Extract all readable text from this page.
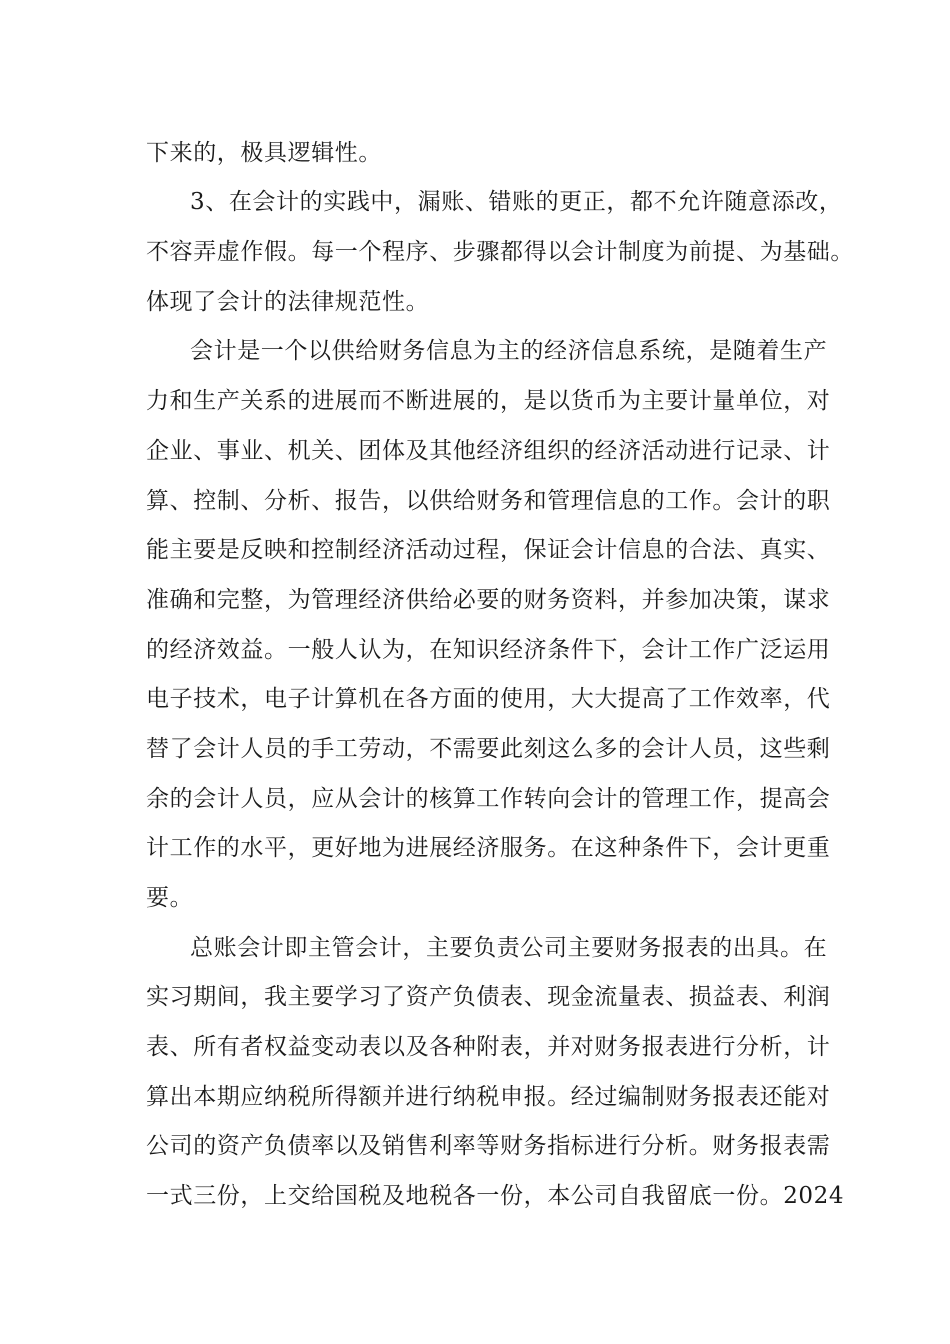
下来的，极具逻辑性。
3、在会计的实践中，漏账、错账的更正，都不允许随意添改，
不容弄虚作假。每一个程序、步骤都得以会计制度为前提、为基础。
体现了会计的法律规范性。
会计是一个以供给财务信息为主的经济信息系统，是随着生产
力和生产关系的进展而不断进展的，是以货币为主要计量单位，对
企业、事业、机关、团体及其他经济组织的经济活动进行记录、计
算、控制、分析、报告，以供给财务和管理信息的工作。会计的职
能主要是反映和控制经济活动过程，保证会计信息的合法、真实、
准确和完整，为管理经济供给必要的财务资料，并参加决策，谋求
的经济效益。一般人认为，在知识经济条件下，会计工作广泛运用
电子技术，电子计算机在各方面的使用，大大提高了工作效率，代
替了会计人员的手工劳动，不需要此刻这么多的会计人员，这些剩
余的会计人员，应从会计的核算工作转向会计的管理工作，提高会
计工作的水平，更好地为进展经济服务。在这种条件下，会计更重
要。
总账会计即主管会计，主要负责公司主要财务报表的出具。在
实习期间，我主要学习了资产负债表、现金流量表、损益表、利润
表、所有者权益变动表以及各种附表，并对财务报表进行分析，计
算出本期应纳税所得额并进行纳税申报。经过编制财务报表还能对
公司的资产负债率以及销售利率等财务指标进行分析。财务报表需
一式三份，上交给国税及地税各一份，本公司自我留底一份。2024
